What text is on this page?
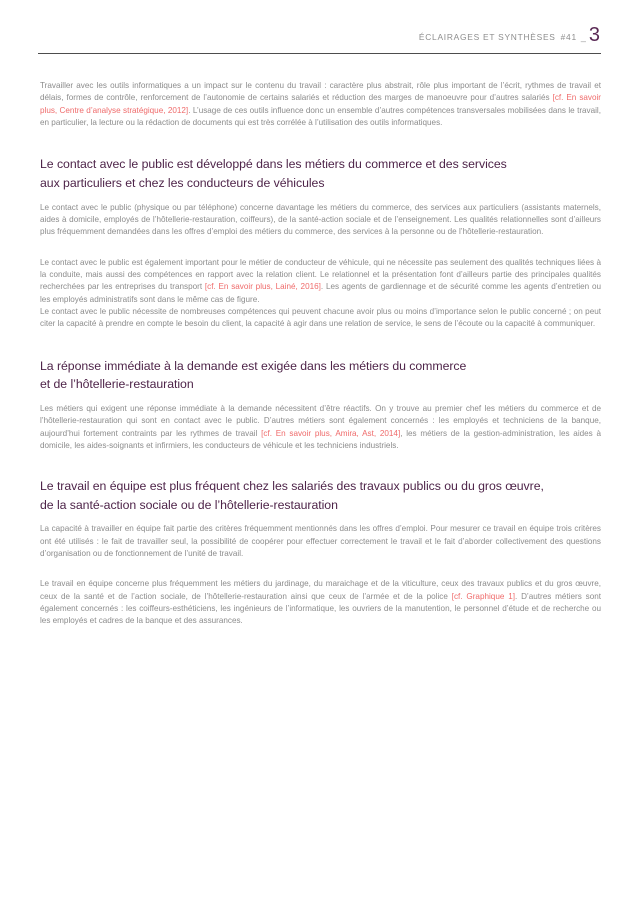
ÉCLAIRAGES ET SYNTHÈSES #41 _ 3

Travailler avec les outils informatiques a un impact sur le contenu du travail : caractère plus abstrait, rôle plus important de l’écrit, rythmes de travail et délais, formes de contrôle, renforcement de l’autonomie de certains salariés et réduction des marges de manoeuvre pour d’autres salariés [cf. En savoir plus, Centre d’analyse stratégique, 2012]. L’usage de ces outils influence donc un ensemble d’autres compétences transversales mobilisées dans le travail, en particulier, la lecture ou la rédaction de documents qui est très corrélée à l’utilisation des outils informatiques.

Le contact avec le public est développé dans les métiers du commerce et des services
aux particuliers et chez les conducteurs de véhicules

Le contact avec le public (physique ou par téléphone) concerne davantage les métiers du commerce, des services aux particuliers (assistants maternels, aides à domicile, employés de l’hôtellerie-restauration, coiffeurs), de la santé-action sociale et de l’enseignement. Les qualités relationnelles sont d’ailleurs plus fréquemment demandées dans les offres d’emploi des métiers du commerce, des services à la personne ou de l’hôtellerie-restauration.

Le contact avec le public est également important pour le métier de conducteur de véhicule, qui ne nécessite pas seulement des qualités techniques liées à la conduite, mais aussi des compétences en rapport avec la relation client. Le relationnel et la présentation font d’ailleurs partie des principales qualités recherchées par les entreprises du transport [cf. En savoir plus, Lainé, 2016]. Les agents de gardiennage et de sécurité comme les agents d’entretien ou les employés administratifs sont dans le même cas de figure.

Le contact avec le public nécessite de nombreuses compétences qui peuvent chacune avoir plus ou moins d’importance selon le public concerné ; on peut citer la capacité à prendre en compte le besoin du client, la capacité à agir dans une relation de service, le sens de l’écoute ou la capacité à communiquer.

La réponse immédiate à la demande est exigée dans les métiers du commerce
et de l’hôtellerie-restauration

Les métiers qui exigent une réponse immédiate à la demande nécessitent d’être réactifs. On y trouve au premier chef les métiers du commerce et de l’hôtellerie-restauration qui sont en contact avec le public. D’autres métiers sont également concernés : les employés et techniciens de la banque, aujourd’hui fortement contraints par les rythmes de travail [cf. En savoir plus, Amira, Ast, 2014], les métiers de la gestion-administration, les aides à domicile, les aides-soignants et infirmiers, les conducteurs de véhicule et les techniciens industriels.

Le travail en équipe est plus fréquent chez les salariés des travaux publics ou du gros œuvre,
de la santé-action sociale ou de l’hôtellerie-restauration

La capacité à travailler en équipe fait partie des critères fréquemment mentionnés dans les offres d’emploi. Pour mesurer ce travail en équipe trois critères ont été utilisés : le fait de travailler seul, la possibilité de coopérer pour effectuer correctement le travail et le fait d’aborder collectivement des questions d’organisation ou de fonctionnement de l’unité de travail.

Le travail en équipe concerne plus fréquemment les métiers du jardinage, du maraichage et de la viticulture, ceux des travaux publics et du gros œuvre, ceux de la santé et de l’action sociale, de l’hôtellerie-restauration ainsi que ceux de l’armée et de la police [cf. Graphique 1]. D’autres métiers sont également concernés : les coiffeurs-esthéticiens, les ingénieurs de l’informatique, les ouvriers de la manutention, le personnel d’étude et de recherche ou les employés et cadres de la banque et des assurances.
